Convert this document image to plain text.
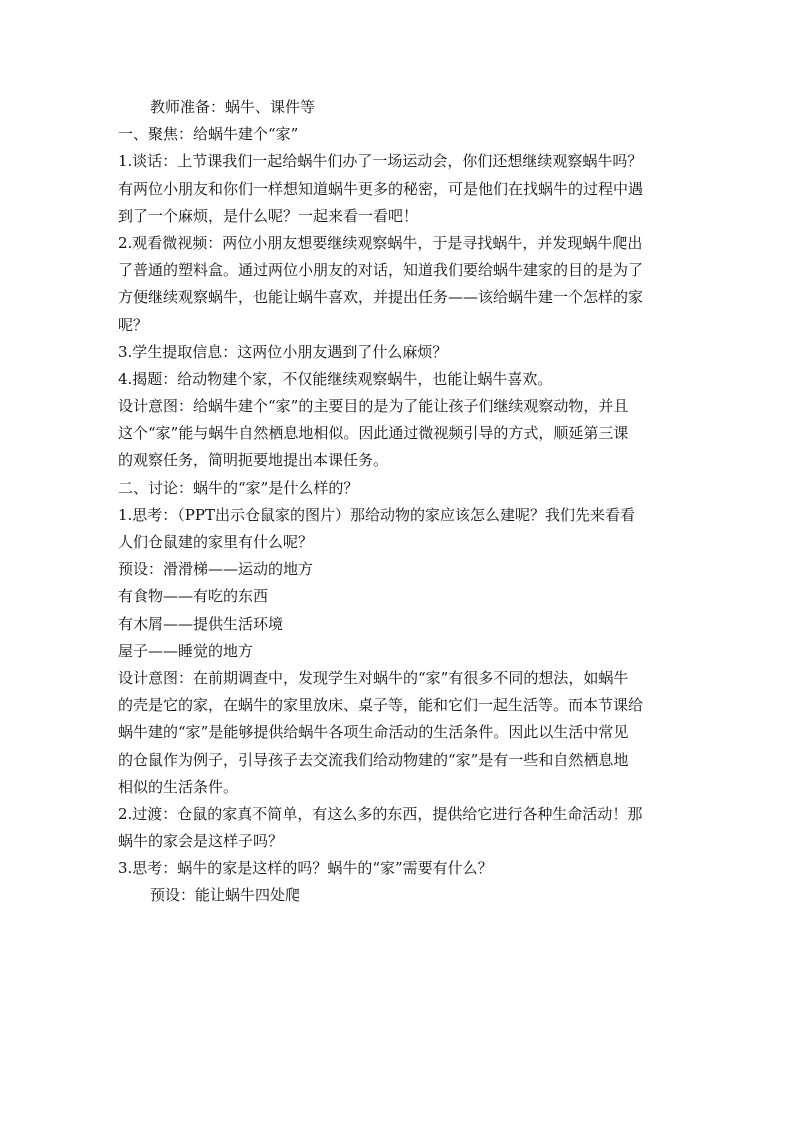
教师准备：蜗牛、课件等

一、聚焦：给蜗牛建个“家”

1.谈话：上节课我们一起给蜗牛们办了一场运动会，你们还想继续观察蜗牛吗？

有两位小朋友和你们一样想知道蜗牛更多的秘密，可是他们在找蜗牛的过程中遇

到了一个麻烦，是什么呢？一起来看一看吧！

2.观看微视频：两位小朋友想要继续观察蜗牛，于是寻找蜗牛，并发现蜗牛爬出

了普通的塑料盒。通过两位小朋友的对话，知道我们要给蜗牛建家的目的是为了

方便继续观察蜗牛，也能让蜗牛喜欢，并提出任务——该给蜗牛建一个怎样的家

呢？

3.学生提取信息：这两位小朋友遇到了什么麻烦？

4.揭题：给动物建个家，不仅能继续观察蜗牛，也能让蜗牛喜欢。

设计意图：给蜗牛建个“家”的主要目的是为了能让孩子们继续观察动物，并且

这个“家”能与蜗牛自然栖息地相似。因此通过微视频引导的方式，顺延第三课

的观察任务，简明扼要地提出本课任务。

二、讨论：蜗牛的“家”是什么样的？

1.思考：（PPT出示仓鼠家的图片）那给动物的家应该怎么建呢？我们先来看看

人们仓鼠建的家里有什么呢？

预设：滑滑梯——运动的地方

有食物——有吃的东西

有木屑——提供生活环境

屋子——睡觉的地方

设计意图：在前期调查中，发现学生对蜗牛的“家”有很多不同的想法，如蜗牛

的壳是它的家，在蜗牛的家里放床、桌子等，能和它们一起生活等。而本节课给

蜗牛建的“家”是能够提供给蜗牛各项生命活动的生活条件。因此以生活中常见

的仓鼠作为例子，引导孩子去交流我们给动物建的“家”是有一些和自然栖息地

相似的生活条件。

2.过渡：仓鼠的家真不简单，有这么多的东西，提供给它进行各种生命活动！那

蜗牛的家会是这样子吗？

3.思考：蜗牛的家是这样的吗？蜗牛的“家”需要有什么？

预设：能让蜗牛四处爬
